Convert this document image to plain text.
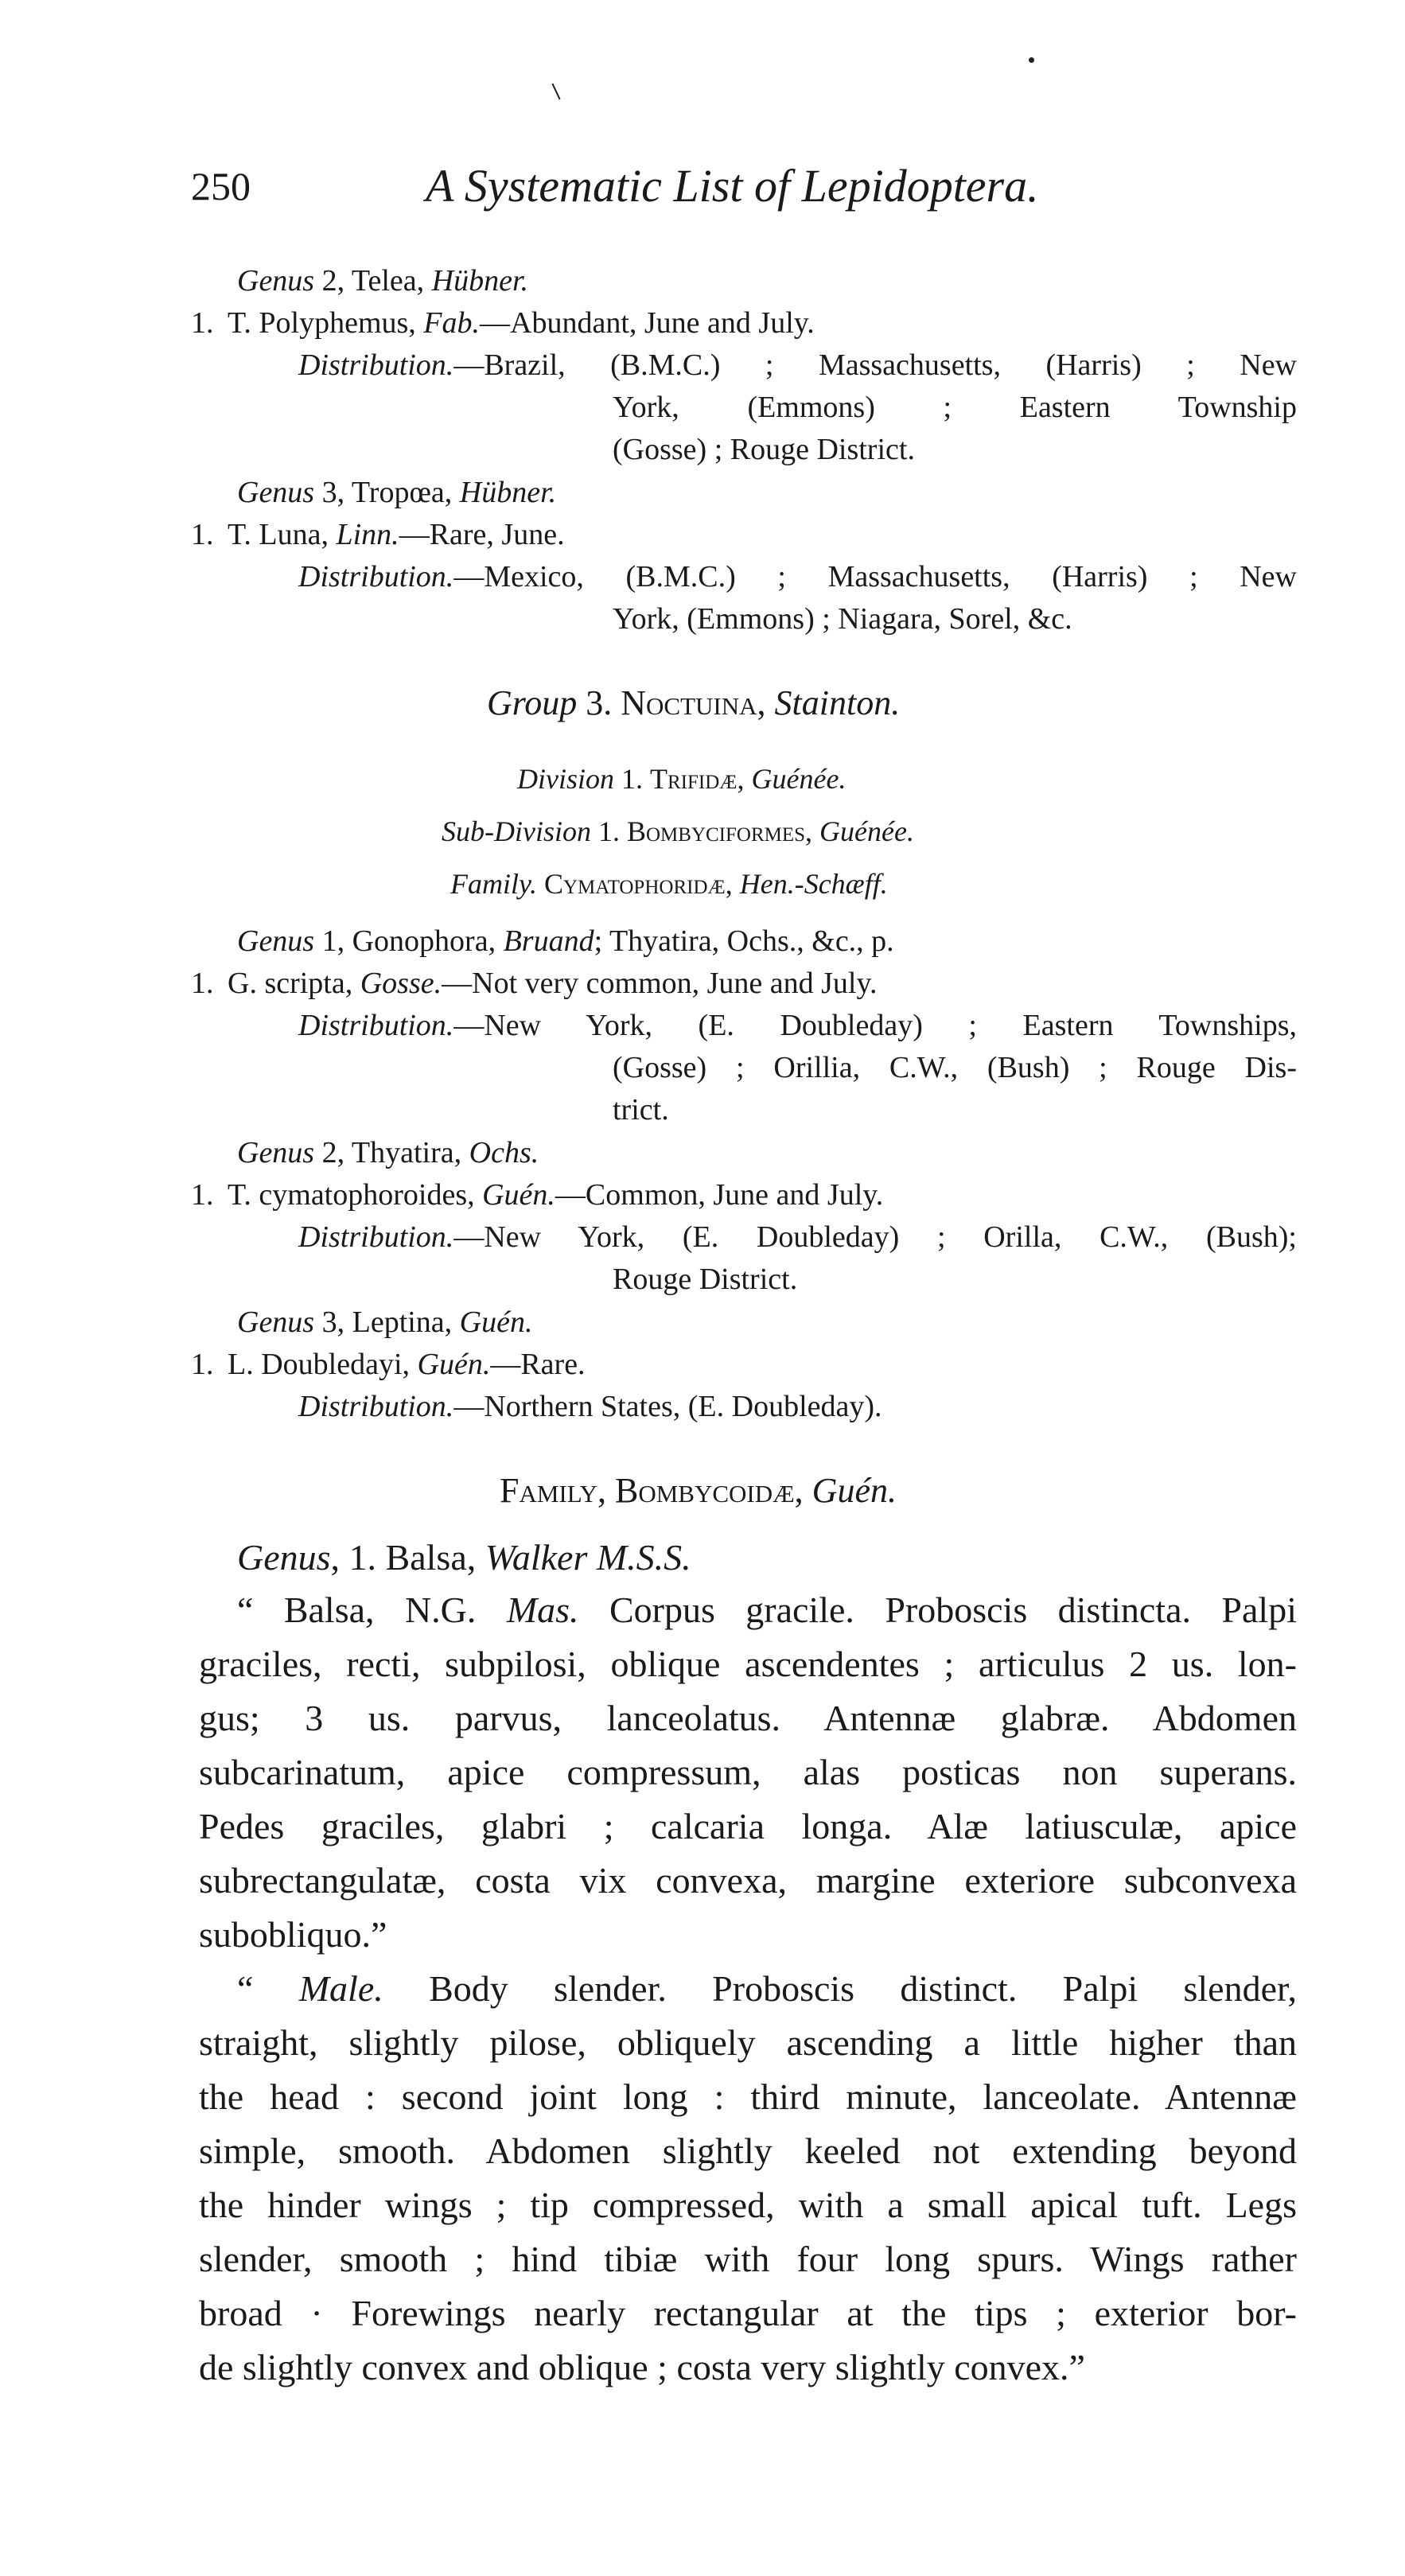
250	A Systematic List of Lepidoptera.
Genus 2, Telea, Hübner.
1. T. Polyphemus, Fab.—Abundant, June and July.
Distribution.—Brazil, (B.M.C.) ; Massachusetts, (Harris) ; New
York, (Emmons) ; Eastern Township
(Gosse) ; Rouge District.
Genus 3, Tropœa, Hübner.
1. T. Luna, Linn.—Rare, June.
Distribution.—Mexico, (B.M.C.) ; Massachusetts, (Harris) ; New
York, (Emmons) ; Niagara, Sorel, &c.
Group 3. Noctuina, Stainton.
Division 1. Trifidæ, Guénée.
Sub-Division 1. Bombyciformes, Guénée.
Family. Cymatophoridæ, Hen.-Schæff.
Genus 1, Gonophora, Bruand; Thyatira, Ochs., &c., p.
1. G. scripta, Gosse.—Not very common, June and July.
Distribution.—New York, (E. Doubleday) ; Eastern Townships,
(Gosse) ; Orillia, C.W., (Bush) ; Rouge Dis-
trict.
Genus 2, Thyatira, Ochs.
1. T. cymatophoroides, Guén.—Common, June and July.
Distribution.—New York, (E. Doubleday) ; Orilla, C.W., (Bush);
Rouge District.
Genus 3, Leptina, Guén.
1. L. Doubledayi, Guén.—Rare.
Distribution.—Northern States, (E. Doubleday).
Family, Bombycoidæ, Guén.
Genus, 1. Balsa, Walker M.S.S.
“ Balsa, N.G. Mas. Corpus gracile. Proboscis distincta. Palpi
graciles, recti, subpilosi, oblique ascendentes ; articulus 2 us. lon-
gus; 3 us. parvus, lanceolatus. Antennæ glabræ. Abdomen
subcarinatum, apice compressum, alas posticas non superans.
Pedes graciles, glabri ; calcaria longa. Alæ latiusculæ, apice
subrectangulatæ, costa vix convexa, margine exteriore subconvexa
subobliquo.”
“ Male. Body slender. Proboscis distinct. Palpi slender,
straight, slightly pilose, obliquely ascending a little higher than
the head : second joint long : third minute, lanceolate. Antennæ
simple, smooth. Abdomen slightly keeled not extending beyond
the hinder wings ; tip compressed, with a small apical tuft. Legs
slender, smooth ; hind tibiæ with four long spurs. Wings rather
broad · Forewings nearly rectangular at the tips ; exterior bor-
de slightly convex and oblique ; costa very slightly convex.”
